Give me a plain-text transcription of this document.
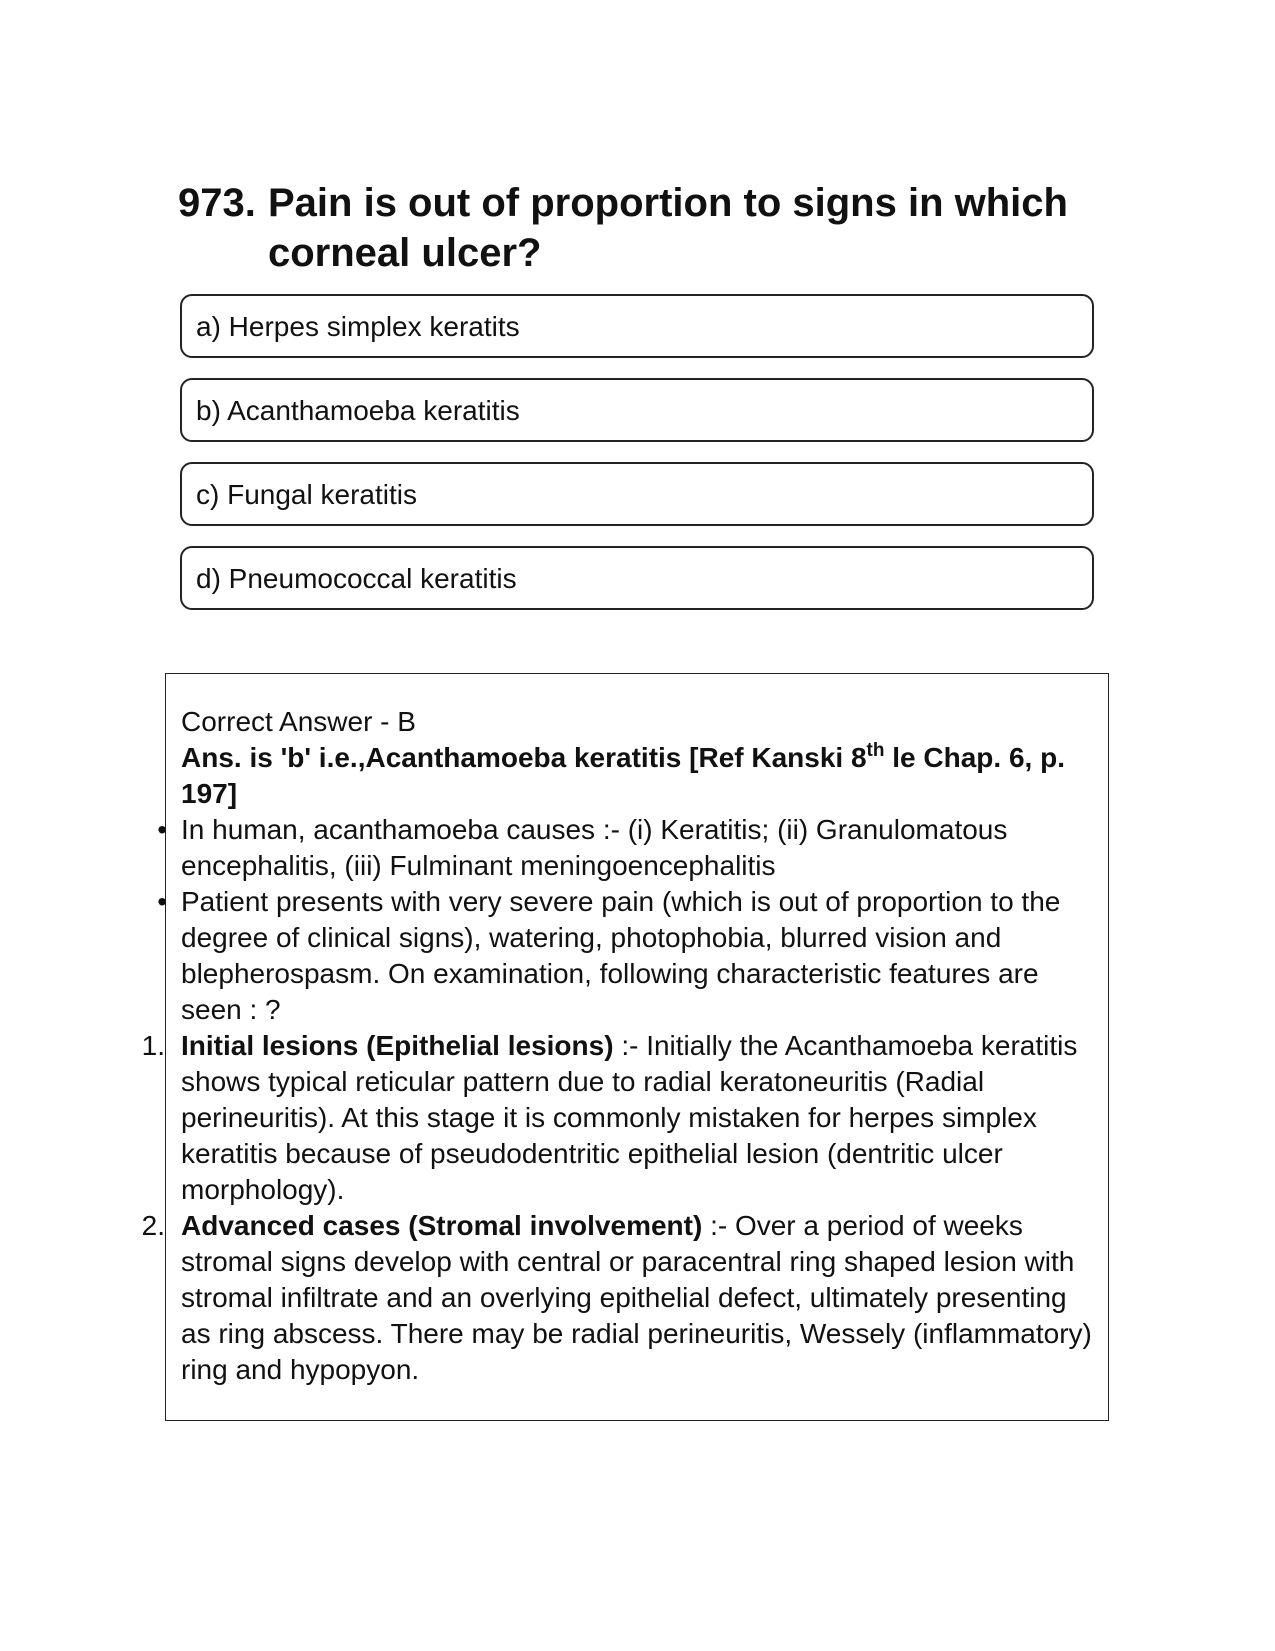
973. Pain is out of proportion to signs in which corneal ulcer?
a) Herpes simplex keratits
b) Acanthamoeba keratitis
c) Fungal keratitis
d) Pneumococcal keratitis

Correct Answer - B

Ans. is 'b' i.e.,Acanthamoeba keratitis [Ref Kanski 8th le Chap. 6, p. 197]

• In human, acanthamoeba causes :- (i) Keratitis; (ii) Granulomatous encephalitis, (iii) Fulminant meningoencephalitis
• Patient presents with very severe pain (which is out of proportion to the degree of clinical signs), watering, photophobia, blurred vision and blepherospasm. On examination, following characteristic features are seen : ?
1. Initial lesions (Epithelial lesions) :- Initially the Acanthamoeba keratitis shows typical reticular pattern due to radial keratoneuritis (Radial perineuritis). At this stage it is commonly mistaken for herpes simplex keratitis because of pseudodentritic epithelial lesion (dentritic ulcer morphology).
2. Advanced cases (Stromal involvement) :- Over a period of weeks stromal signs develop with central or paracentral ring shaped lesion with stromal infiltrate and an overlying epithelial defect, ultimately presenting as ring abscess. There may be radial perineuritis, Wessely (inflammatory) ring and hypopyon.
